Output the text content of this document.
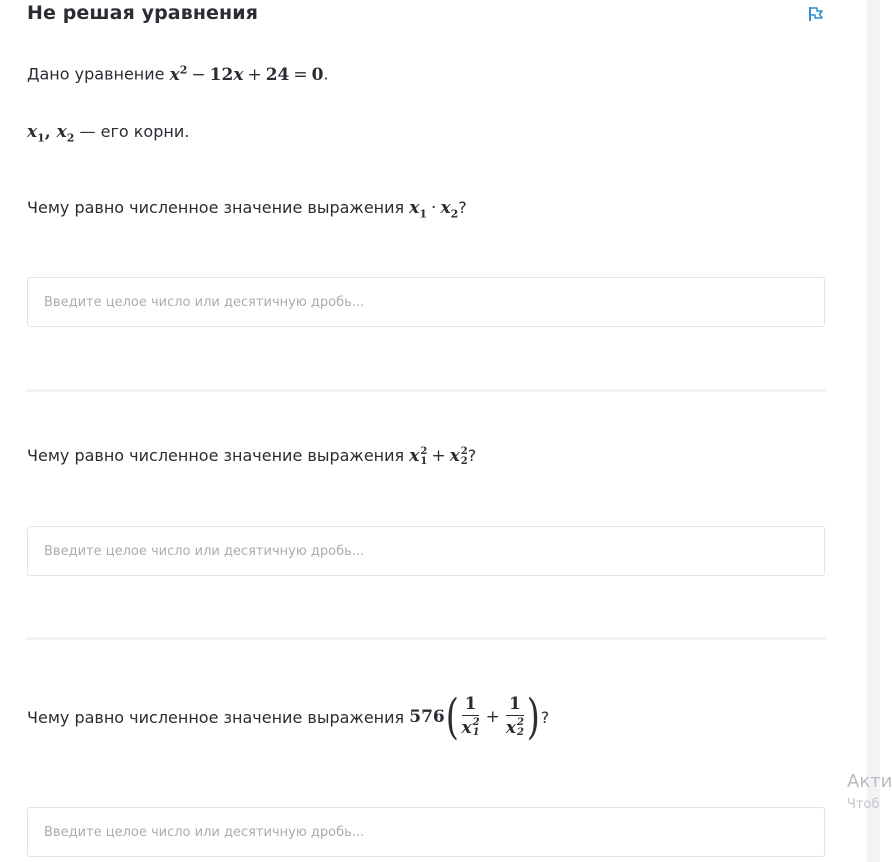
Не решая уравнения
Дано уравнение $x^2 - 12x + 24 = 0$.
$x_1$, $x_2$ — его корни.
Чему равно численное значение выражения $x_1 \cdot x_2$?
Введите целое число или десятичную дробь...
Чему равно численное значение выражения x 2
1 + x 2
2 ?
Введите целое число или десятичную дробь...
Чему равно численное значение выражения
576 ( 1
x 2
1 + 1
x 2
2 ) ?
Введите целое число или десятичную дробь...
Акти
Чтоб
